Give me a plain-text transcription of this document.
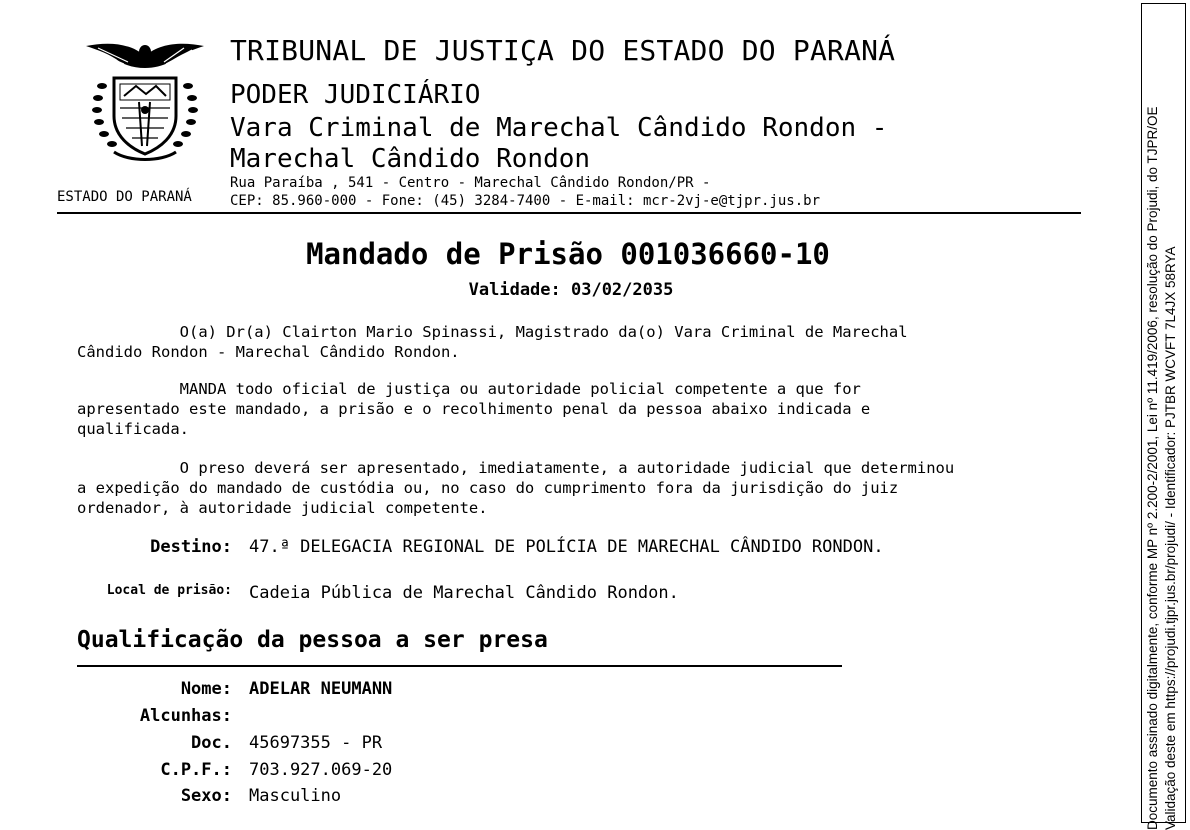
ESTADO DO PARANÁ
TRIBUNAL DE JUSTIÇA DO ESTADO DO PARANÁ
PODER JUDICIÁRIO
Vara Criminal de Marechal Cândido Rondon -
Marechal Cândido Rondon
Rua Paraíba , 541 - Centro - Marechal Cândido Rondon/PR -
CEP: 85.960-000 - Fone: (45) 3284-7400 - E-mail: mcr-2vj-e@tjpr.jus.br
Mandado de Prisão 001036660-10
Validade: 03/02/2035
O(a) Dr(a) Clairton Mario Spinassi, Magistrado da(o) Vara Criminal de Marechal
Cândido Rondon - Marechal Cândido Rondon.
MANDA todo oficial de justiça ou autoridade policial competente a que for
apresentado este mandado, a prisão e o recolhimento penal da pessoa abaixo indicada e
qualificada.
O preso deverá ser apresentado, imediatamente, a autoridade judicial que determinou
a expedição do mandado de custódia ou, no caso do cumprimento fora da jurisdição do juiz
ordenador, à autoridade judicial competente.
Destino: 47.ª DELEGACIA REGIONAL DE POLÍCIA DE MARECHAL CÂNDIDO RONDON.
Local de prisão: Cadeia Pública de Marechal Cândido Rondon.
Qualificação da pessoa a ser presa
Nome: ADELAR NEUMANN
Alcunhas:
Doc. 45697355 - PR
C.P.F.: 703.927.069-20
Sexo: Masculino	Documento assinado digitalmente, conforme MP nº 2.200-2/2001, Lei nº 11.419/2006, resolução do Projudi, do TJPR/OE Validação deste em https://projudi.tjpr.jus.br/projudi/ - Identificador: PJTBR WCVFT 7L4JX 58RYA
